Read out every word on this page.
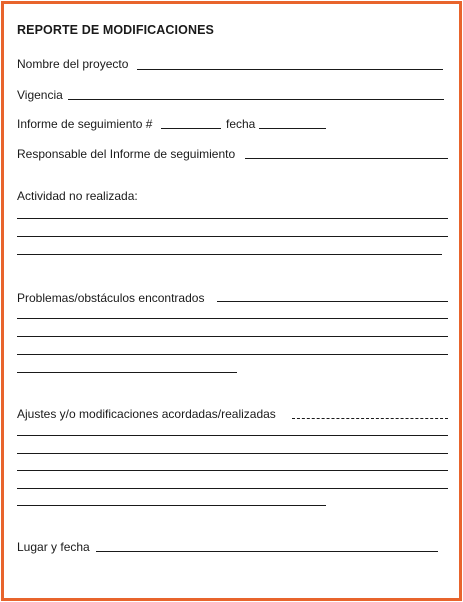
REPORTE DE MODIFICACIONES
Nombre del proyecto
Vigencia
Informe de seguimiento #	fecha
Responsable del Informe de seguimiento
Actividad no realizada:
Problemas/obstáculos encontrados
Ajustes y/o modificaciones acordadas/realizadas
Lugar y fecha
